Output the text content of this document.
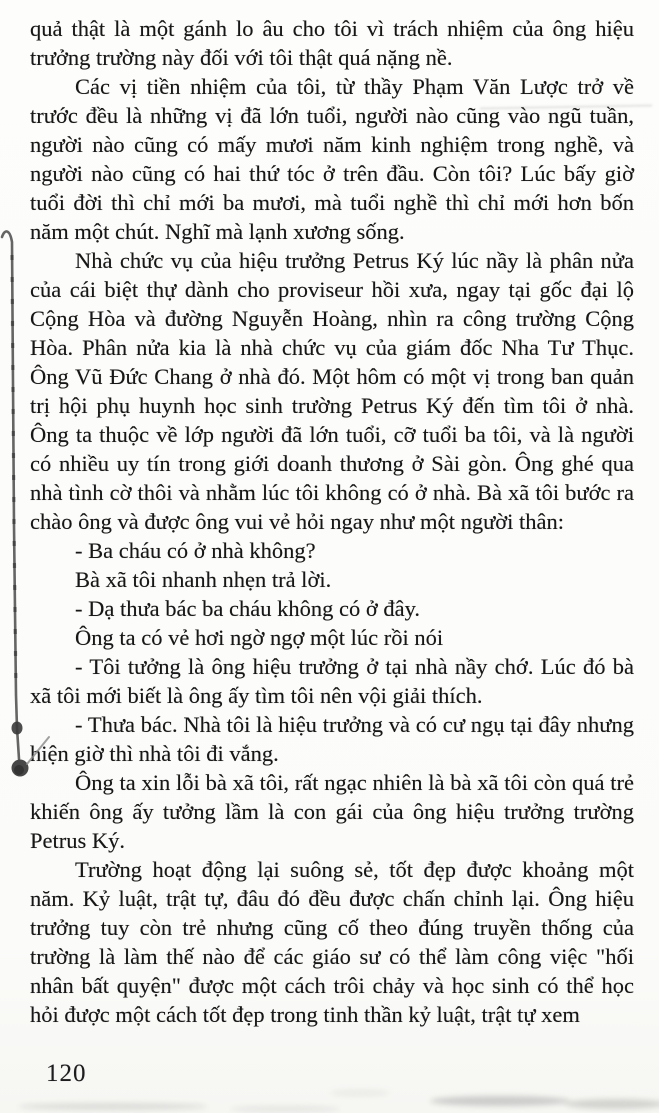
quả thật là một gánh lo âu cho tôi vì trách nhiệm của ông hiệu trưởng trường này đối với tôi thật quá nặng nề.

Các vị tiền nhiệm của tôi, từ thầy Phạm Văn Lược trở về trước đều là những vị đã lớn tuổi, người nào cũng vào ngũ tuần, người nào cũng có mấy mươi năm kinh nghiệm trong nghề, và người nào cũng có hai thứ tóc ở trên đầu. Còn tôi? Lúc bấy giờ tuổi đời thì chỉ mới ba mươi, mà tuổi nghề thì chỉ mới hơn bốn năm một chút. Nghĩ mà lạnh xương sống.

Nhà chức vụ của hiệu trưởng Petrus Ký lúc nầy là phân nửa của cái biệt thự dành cho proviseur hồi xưa, ngay tại gốc đại lộ Cộng Hòa và đường Nguyễn Hoàng, nhìn ra công trường Cộng Hòa. Phân nửa kia là nhà chức vụ của giám đốc Nha Tư Thục. Ông Vũ Đức Chang ở nhà đó. Một hôm có một vị trong ban quản trị hội phụ huynh học sinh trường Petrus Ký đến tìm tôi ở nhà. Ông ta thuộc về lớp người đã lớn tuổi, cỡ tuổi ba tôi, và là người có nhiều uy tín trong giới doanh thương ở Sài gòn. Ông ghé qua nhà tình cờ thôi và nhằm lúc tôi không có ở nhà. Bà xã tôi bước ra chào ông và được ông vui vẻ hỏi ngay như một người thân:

- Ba cháu có ở nhà không?

Bà xã tôi nhanh nhẹn trả lời.

- Dạ thưa bác ba cháu không có ở đây.

Ông ta có vẻ hơi ngờ ngợ một lúc rồi nói

- Tôi tưởng là ông hiệu trưởng ở tại nhà nầy chớ. Lúc đó bà xã tôi mới biết là ông ấy tìm tôi nên vội giải thích.

- Thưa bác. Nhà tôi là hiệu trưởng và có cư ngụ tại đây nhưng hiện giờ thì nhà tôi đi vắng.

Ông ta xin lỗi bà xã tôi, rất ngạc nhiên là bà xã tôi còn quá trẻ khiến ông ấy tưởng lầm là con gái của ông hiệu trưởng trường Petrus Ký.

Trường hoạt động lại suông sẻ, tốt đẹp được khoảng một năm. Kỷ luật, trật tự, đâu đó đều được chấn chỉnh lại. Ông hiệu trưởng tuy còn trẻ nhưng cũng cố theo đúng truyền thống của trường là làm thế nào để các giáo sư có thể làm công việc "hối nhân bất quyện" được một cách trôi chảy và học sinh có thể học hỏi được một cách tốt đẹp trong tinh thần kỷ luật, trật tự xem

120
